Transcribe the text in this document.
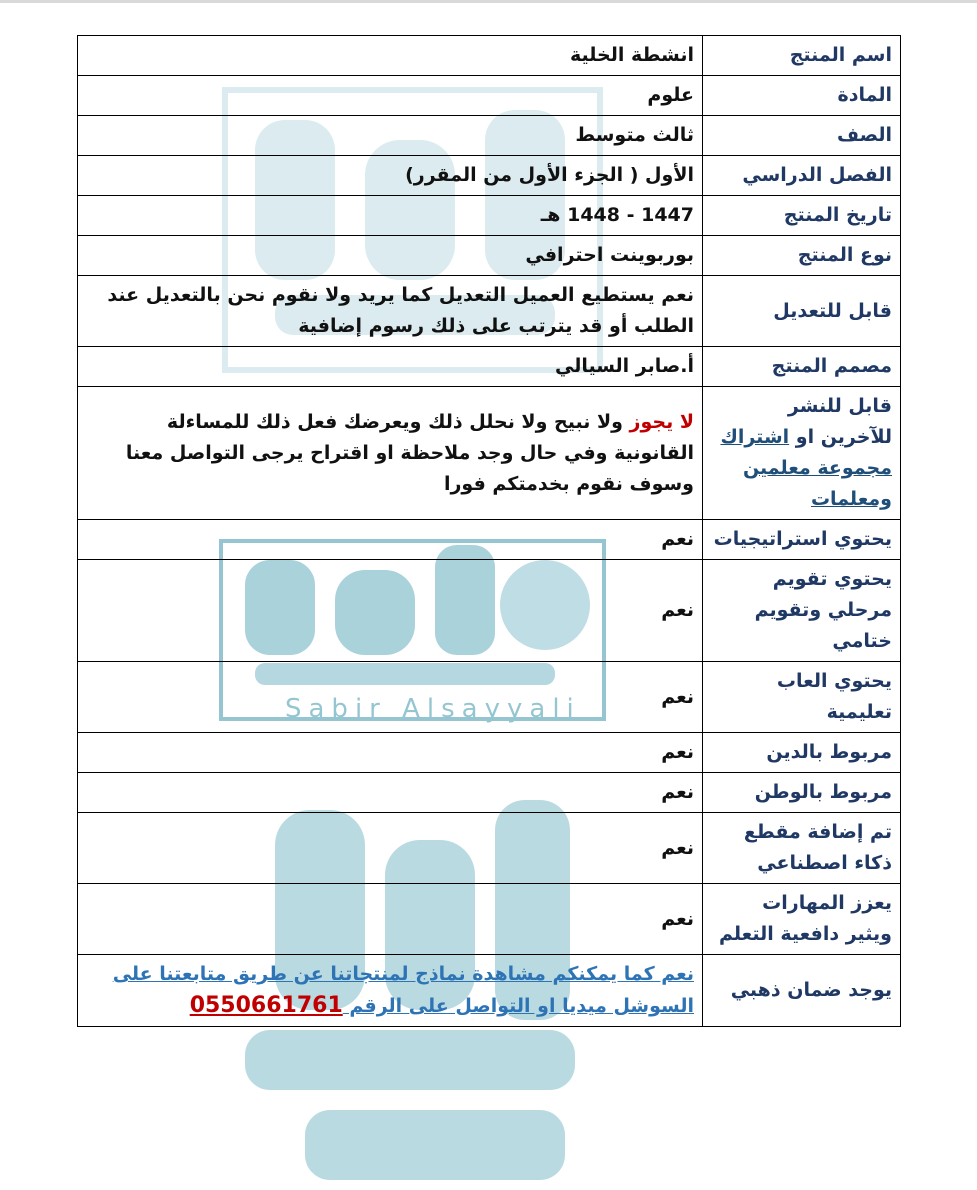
Sabir Alsayyali
اسم المنتج	انشطة الخلية
المادة	علوم
الصف	ثالث متوسط
الفصل الدراسي	الأول ( الجزء الأول من المقرر)
تاريخ المنتج	1447 - 1448 هـ
نوع المنتج	بوربوينت احترافي
قابل للتعديل	نعم يستطيع العميل التعديل كما يريد ولا نقوم نحن بالتعديل عند الطلب أو قد يترتب على ذلك رسوم إضافية
مصمم المنتج	أ.صابر السيالي
قابل للنشر للآخرين او اشتراك مجموعة معلمين ومعلمات	لا يجوز ولا نبيح ولا نحلل ذلك ويعرضك فعل ذلك للمساءلة القانونية وفي حال وجد ملاحظة او اقتراح يرجى التواصل معنا وسوف نقوم بخدمتكم فورا
يحتوي استراتيجيات	نعم
يحتوي تقويم مرحلي وتقويم ختامي	نعم
يحتوي العاب تعليمية	نعم
مربوط بالدين	نعم
مربوط بالوطن	نعم
تم إضافة مقطع ذكاء اصطناعي	نعم
يعزز المهارات ويثير دافعية التعلم	نعم
يوجد ضمان ذهبي	نعم كما يمكنكم مشاهدة نماذج لمنتجاتنا عن طريق متابعتنا على السوشل ميديا او التواصل على الرقم 0550661761
